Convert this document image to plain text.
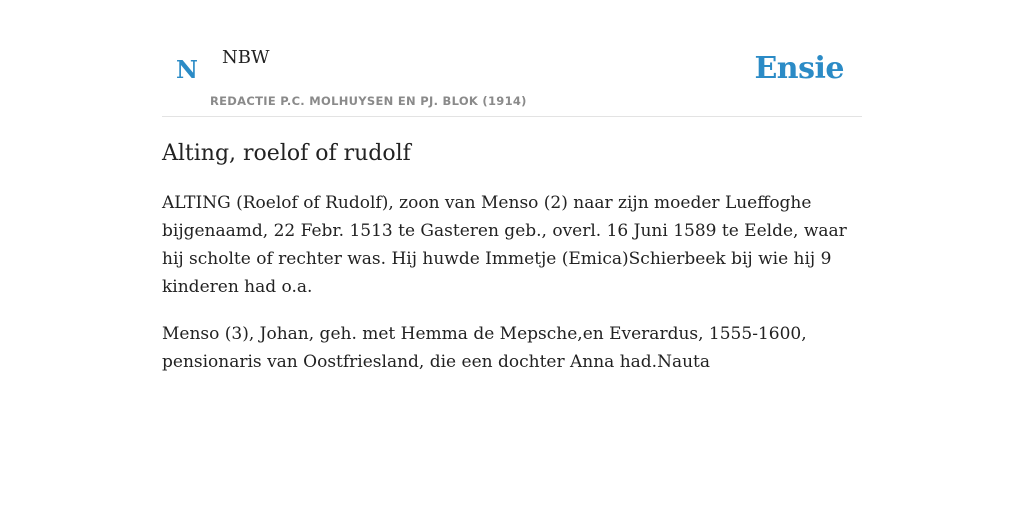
N NBW
REDACTIE P.C. MOLHUYSEN EN PJ. BLOK (1914)
Ensie
Alting, roelof of rudolf

ALTING (Roelof of Rudolf), zoon van Menso (2) naar zijn moeder Lueffoghe bijgenaamd, 22 Febr. 1513 te Gasteren geb., overl. 16 Juni 1589 te Eelde, waar hij scholte of rechter was. Hij huwde Immetje (Emica)Schierbeek bij wie hij 9 kinderen had o.a.

Menso (3), Johan, geh. met Hemma de Mepsche,en Everardus, 1555-1600, pensionaris van Oostfriesland, die een dochter Anna had.Nauta
